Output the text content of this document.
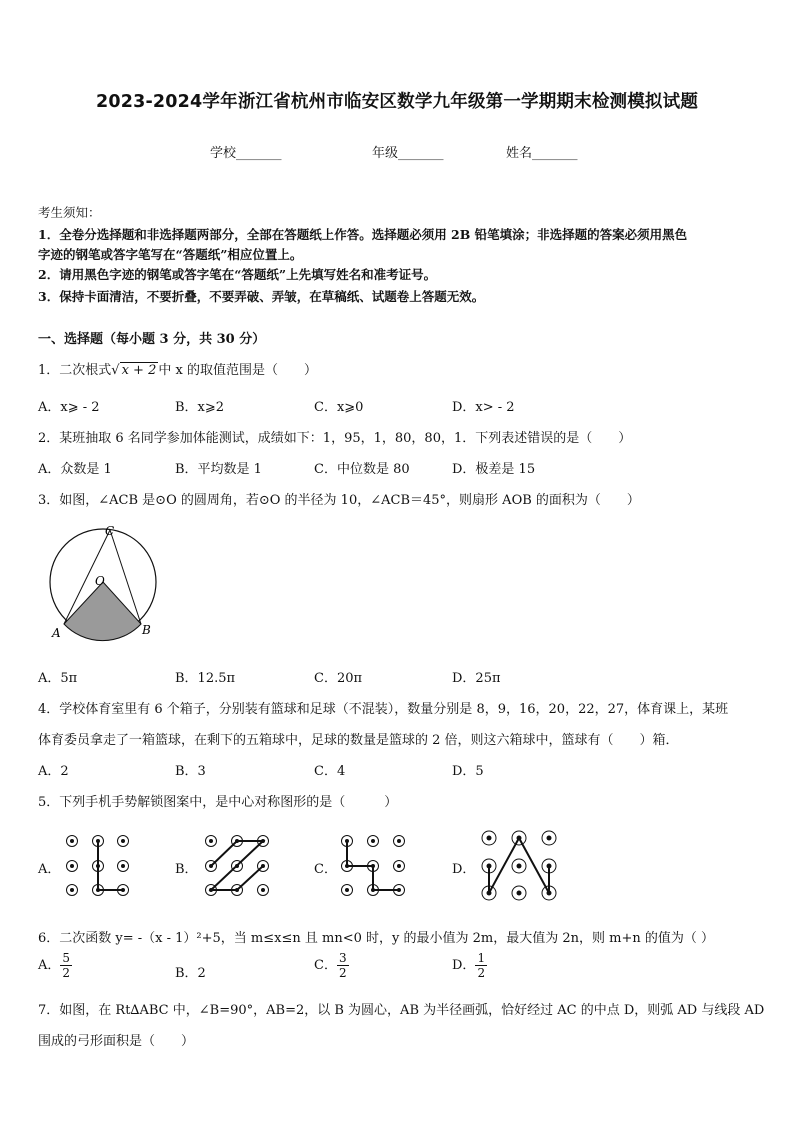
2023-2024学年浙江省杭州市临安区数学九年级第一学期期末检测模拟试题
学校_______	年级_______	姓名_______
考生须知：
1．全卷分选择题和非选择题两部分，全部在答题纸上作答。选择题必须用 2B 铅笔填涂；非选择题的答案必须用黑色
字迹的钢笔或答字笔写在“答题纸”相应位置上。
2．请用黑色字迹的钢笔或答字笔在“答题纸”上先填写姓名和准考证号。
3．保持卡面清洁，不要折叠，不要弄破、弄皱，在草稿纸、试题卷上答题无效。
一、选择题（每小题 3 分，共 30 分）
1．二次根式√ x + 2 中 x 的取值范围是（　　）
A．x⩾ - 2	B．x⩾2	C．x⩾0	D．x> - 2
2．某班抽取 6 名同学参加体能测试，成绩如下：1，95，1，80，80，1．下列表述错误的是（　　）
A．众数是 1	B．平均数是 1	C．中位数是 80	D．极差是 15
3．如图，∠ACB 是⊙O 的圆周角，若⊙O 的半径为 10，∠ACB＝45°，则扇形 AOB 的面积为（　　）
C
O
A	B
A．5π	B．12.5π	C．20π	D．25π
4．学校体育室里有 6 个箱子，分别装有篮球和足球（不混装），数量分别是 8，9，16，20，22，27，体育课上，某班
体育委员拿走了一箱篮球，在剩下的五箱球中，足球的数量是篮球的 2 倍，则这六箱球中，篮球有（　　）箱．
A．2	B．3	C．4	D．5
5．下列手机手势解锁图案中，是中心对称图形的是（　　　）
A．	B．	C．	D．
6．二次函数 y= -（x - 1）²+5，当 m≤x≤n 且 mn<0 时，y 的最小值为 2m，最大值为 2n，则 m+n 的值为（ ）
A． $\frac{5}{2}$	B．2
C． $\frac{3}{2}$	D． $\frac{1}{2}$
7．如图，在 Rt∆ABC 中，∠B=90°，AB=2，以 B 为圆心，AB 为半径画弧，恰好经过 AC 的中点 D，则弧 AD 与线段 AD
围成的弓形面积是（　　）
